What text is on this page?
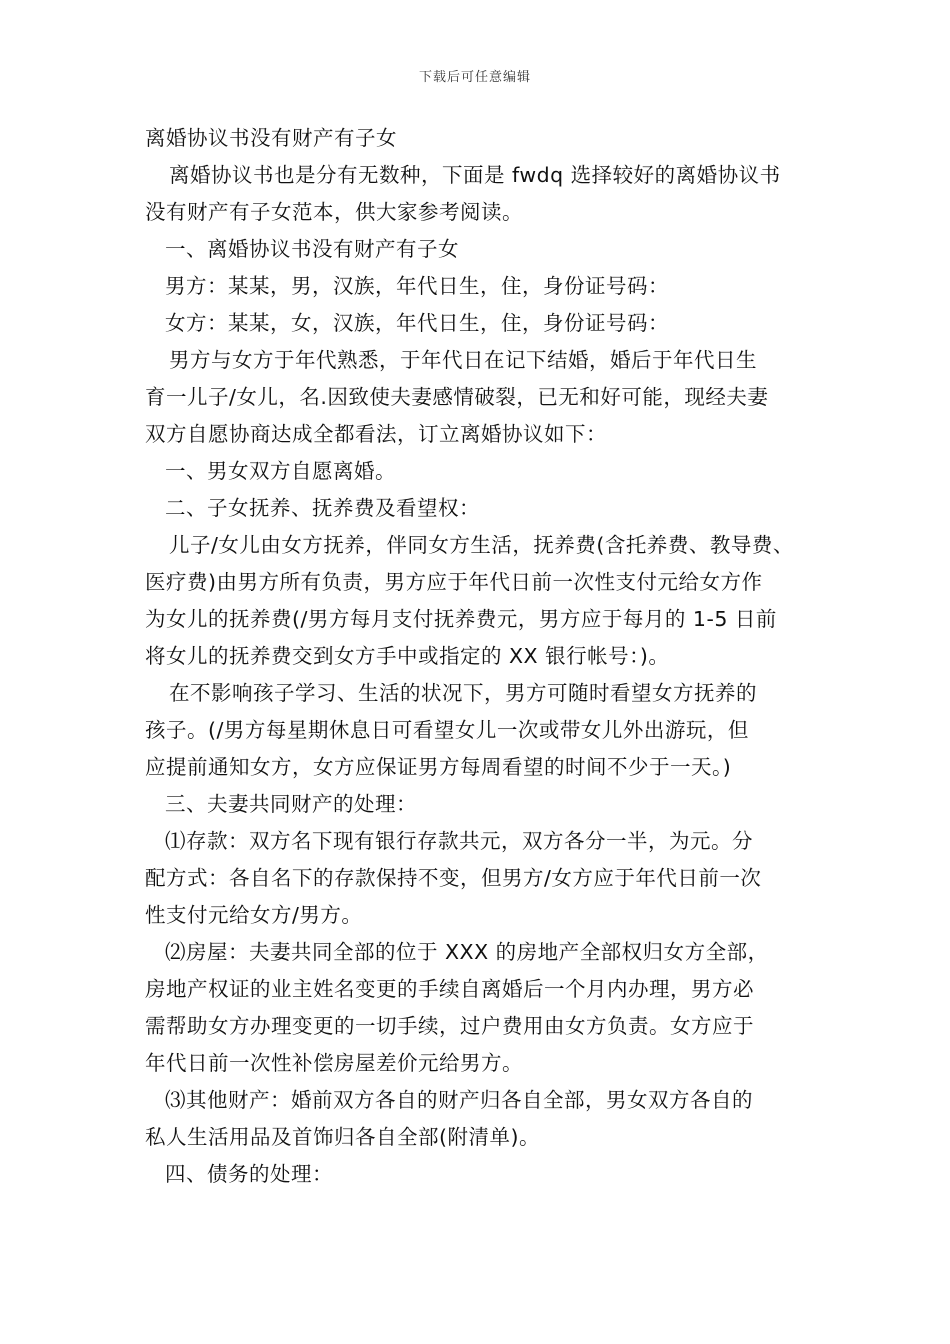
下载后可任意编辑
离婚协议书没有财产有子女
离婚协议书也是分有无数种，下面是 fwdq 选择较好的离婚协议书
没有财产有子女范本，供大家参考阅读。
一、离婚协议书没有财产有子女
男方：某某，男，汉族，年代日生，住，身份证号码：
女方：某某，女，汉族，年代日生，住，身份证号码：
男方与女方于年代熟悉，于年代日在记下结婚，婚后于年代日生
育一儿子/女儿，名.因致使夫妻感情破裂，已无和好可能，现经夫妻
双方自愿协商达成全都看法，订立离婚协议如下：
一、男女双方自愿离婚。
二、子女抚养、抚养费及看望权：
儿子/女儿由女方抚养，伴同女方生活，抚养费(含托养费、教导费、
医疗费)由男方所有负责，男方应于年代日前一次性支付元给女方作
为女儿的抚养费(/男方每月支付抚养费元，男方应于每月的 1-5 日前
将女儿的抚养费交到女方手中或指定的 XX 银行帐号：)。
在不影响孩子学习、生活的状况下，男方可随时看望女方抚养的
孩子。(/男方每星期休息日可看望女儿一次或带女儿外出游玩，但
应提前通知女方，女方应保证男方每周看望的时间不少于一天。)
三、夫妻共同财产的处理：
⑴存款：双方名下现有银行存款共元，双方各分一半，为元。分
配方式：各自名下的存款保持不变，但男方/女方应于年代日前一次
性支付元给女方/男方。
⑵房屋：夫妻共同全部的位于 XXX 的房地产全部权归女方全部，
房地产权证的业主姓名变更的手续自离婚后一个月内办理，男方必
需帮助女方办理变更的一切手续，过户费用由女方负责。女方应于
年代日前一次性补偿房屋差价元给男方。
⑶其他财产：婚前双方各自的财产归各自全部，男女双方各自的
私人生活用品及首饰归各自全部(附清单)。
四、债务的处理：
